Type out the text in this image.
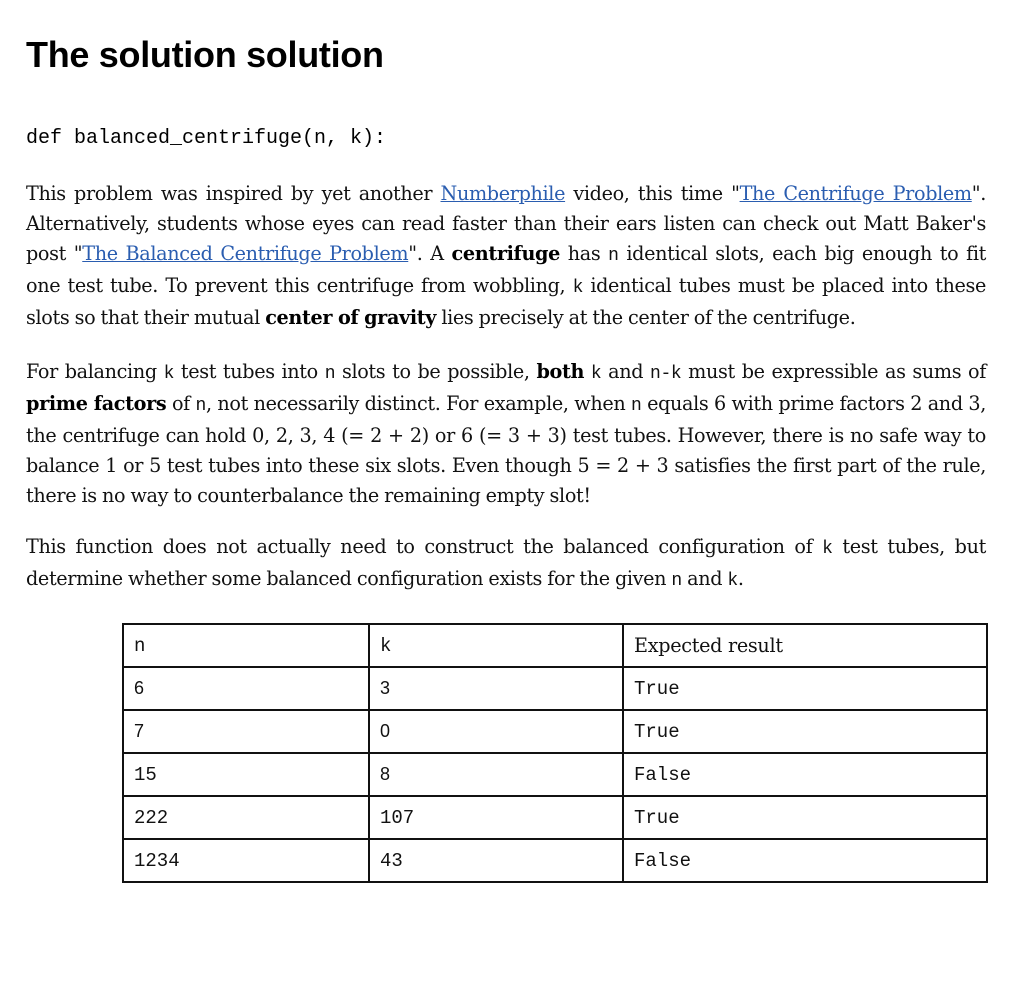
The solution solution

def balanced_centrifuge(n, k):

This problem was inspired by yet another Numberphile video, this time "The Centrifuge Problem". Alternatively, students whose eyes can read faster than their ears listen can check out Matt Baker's post "The Balanced Centrifuge Problem". A centrifuge has n identical slots, each big enough to fit one test tube. To prevent this centrifuge from wobbling, k identical tubes must be placed into these slots so that their mutual center of gravity lies precisely at the center of the centrifuge.

For balancing k test tubes into n slots to be possible, both k and n-k must be expressible as sums of prime factors of n, not necessarily distinct. For example, when n equals 6 with prime factors 2 and 3, the centrifuge can hold 0, 2, 3, 4 (= 2 + 2) or 6 (= 3 + 3) test tubes. However, there is no safe way to balance 1 or 5 test tubes into these six slots. Even though 5 = 2 + 3 satisfies the first part of the rule, there is no way to counterbalance the remaining empty slot!

This function does not actually need to construct the balanced configuration of k test tubes, but determine whether some balanced configuration exists for the given n and k.

n	k	Expected result
6	3	True
7	0	True
15	8	False
222	107	True
1234	43	False
